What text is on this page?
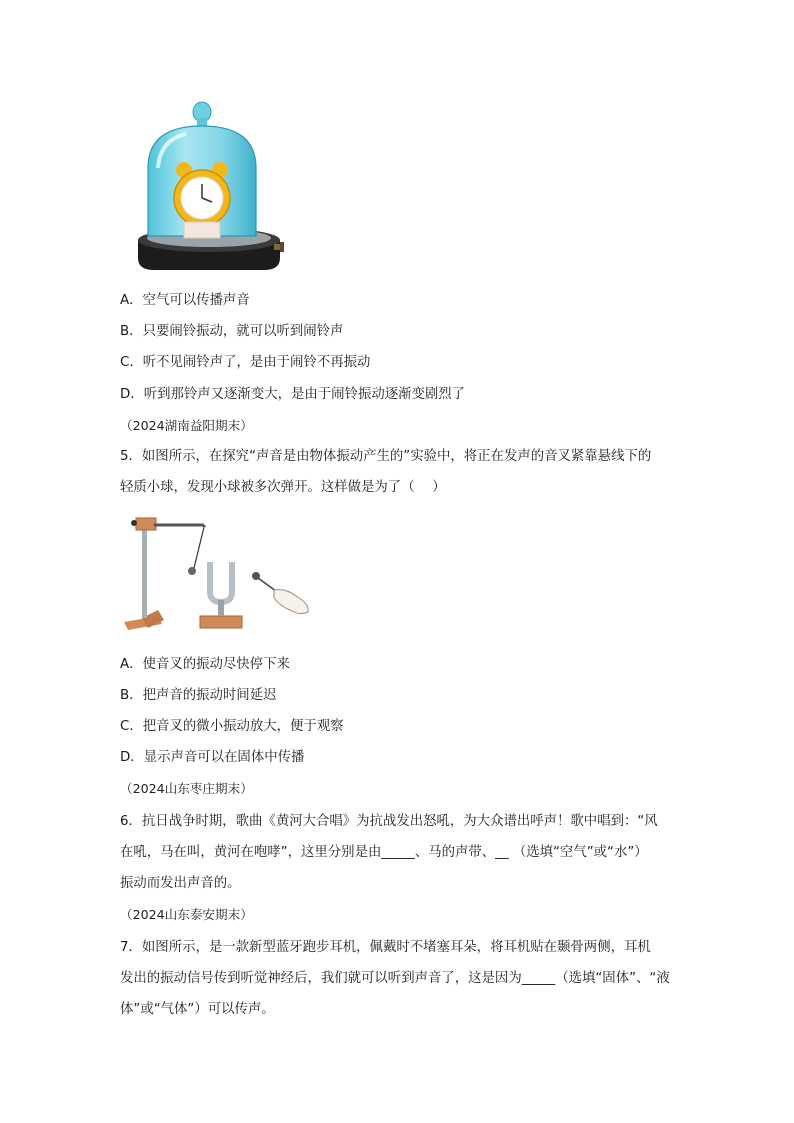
A．空气可以传播声音
B．只要闹铃振动，就可以听到闹铃声
C．听不见闹铃声了，是由于闹铃不再振动
D．听到那铃声又逐渐变大，是由于闹铃振动逐渐变剧烈了
（2024湖南益阳期末）
5．如图所示，在探究“声音是由物体振动产生的”实验中，将正在发声的音叉紧靠悬线下的
轻质小球，发现小球被多次弹开。这样做是为了（　 ）
A．使音叉的振动尽快停下来
B．把声音的振动时间延迟
C．把音叉的微小振动放大，便于观察
D．显示声音可以在固体中传播
（2024山东枣庄期末）
6．抗日战争时期，歌曲《黄河大合唱》为抗战发出怒吼，为大众谱出呼声！歌中唱到：“风
在吼，马在叫，黄河在咆哮”，这里分别是由_____、马的声带、__ （选填“空气”或“水”）
振动而发出声音的。
（2024山东泰安期末）
7．如图所示，是一款新型蓝牙跑步耳机，佩戴时不堵塞耳朵，将耳机贴在颞骨两侧，耳机
发出的振动信号传到听觉神经后，我们就可以听到声音了，这是因为_____（选填“固体”、“液
体”或“气体”）可以传声。
